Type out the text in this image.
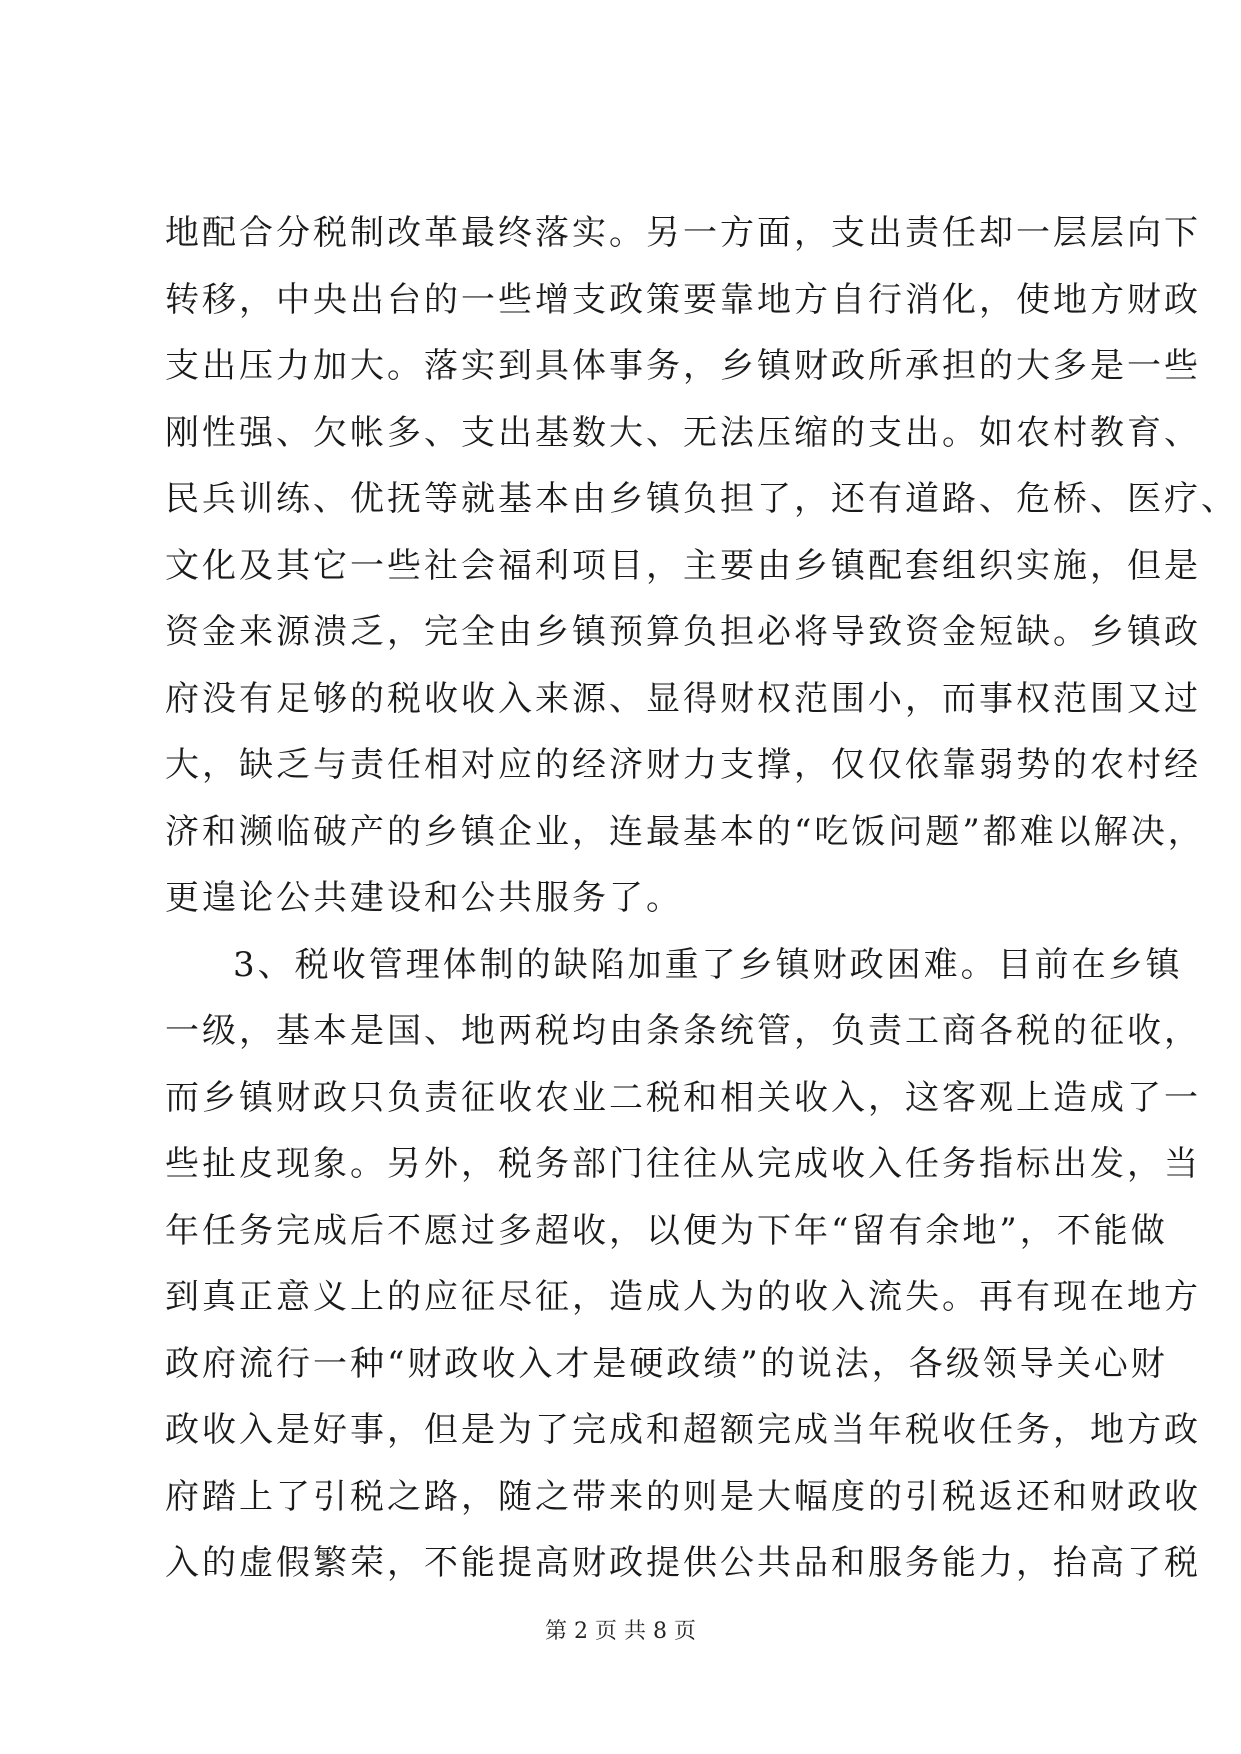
地配合分税制改革最终落实。另一方面，支出责任却一层层向下
转移，中央出台的一些增支政策要靠地方自行消化，使地方财政
支出压力加大。落实到具体事务，乡镇财政所承担的大多是一些
刚性强、欠帐多、支出基数大、无法压缩的支出。如农村教育、
民兵训练、优抚等就基本由乡镇负担了，还有道路、危桥、医疗、
文化及其它一些社会福利项目，主要由乡镇配套组织实施，但是
资金来源溃乏，完全由乡镇预算负担必将导致资金短缺。乡镇政
府没有足够的税收收入来源、显得财权范围小，而事权范围又过
大，缺乏与责任相对应的经济财力支撑，仅仅依靠弱势的农村经
济和濒临破产的乡镇企业，连最基本的“吃饭问题”都难以解决，
更遑论公共建设和公共服务了。
3、税收管理体制的缺陷加重了乡镇财政困难。目前在乡镇
一级，基本是国、地两税均由条条统管，负责工商各税的征收，
而乡镇财政只负责征收农业二税和相关收入，这客观上造成了一
些扯皮现象。另外，税务部门往往从完成收入任务指标出发，当
年任务完成后不愿过多超收，以便为下年“留有余地”，不能做
到真正意义上的应征尽征，造成人为的收入流失。再有现在地方
政府流行一种“财政收入才是硬政绩”的说法，各级领导关心财
政收入是好事，但是为了完成和超额完成当年税收任务，地方政
府踏上了引税之路，随之带来的则是大幅度的引税返还和财政收
入的虚假繁荣，不能提高财政提供公共品和服务能力，抬高了税
第 2 页 共 8 页
